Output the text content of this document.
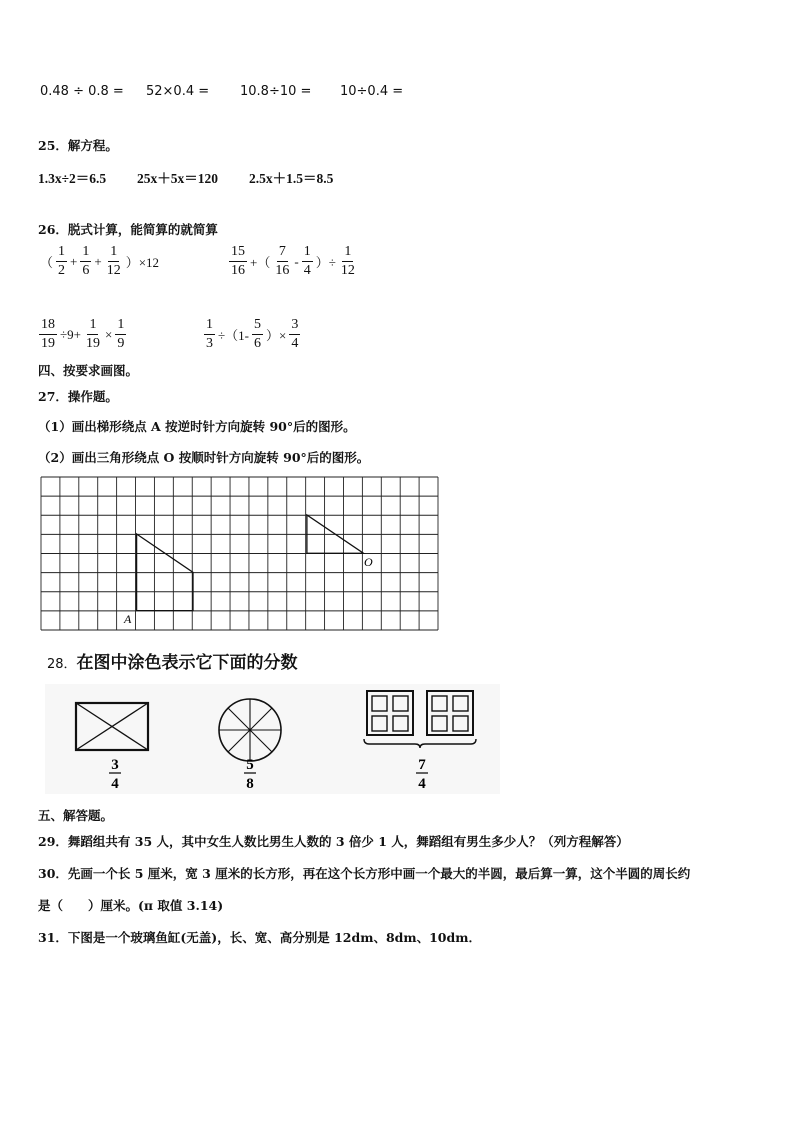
0.48 ÷ 0.8 = 52×0.4 = 10.8÷10 = 10÷0.4 =
25．解方程。
1.3x÷2＝6.5 25x＋5x＝120 2.5x＋1.5＝8.5
26．脱式计算，能简算的就简算
（ $\frac{1}{2} + \frac{1}{6} + \frac{1}{12} )\times 12$	$\frac{15}{16}$ +（ $\frac{7}{16} - \frac{1}{4}$ ）÷ $\frac{1}{12}$
$\frac{18}{19} \div 9+ \frac{1}{19} \times \frac{1}{9}$	$\frac{1}{3} \div(1- \frac{5}{6}$ ）× $\frac{3}{4}$
四、按要求画图。
27．操作题。
（1）画出梯形绕点 A 按逆时针方向旋转 90°后的图形。
（2）画出三角形绕点 O 按顺时针方向旋转 90°后的图形。
A
O
28．在图中涂色表示它下面的分数
3
4
5
8
7
4
五、解答题。
29．舞蹈组共有 35 人，其中女生人数比男生人数的 3 倍少 1 人，舞蹈组有男生多少人？（列方程解答）
30．先画一个长 5 厘米，宽 3 厘米的长方形，再在这个长方形中画一个最大的半圆，最后算一算，这个半圆的周长约
是（　　）厘米。(π 取值 3.14)
31．下图是一个玻璃鱼缸(无盖)，长、宽、高分别是 12dm、8dm、10dm．
